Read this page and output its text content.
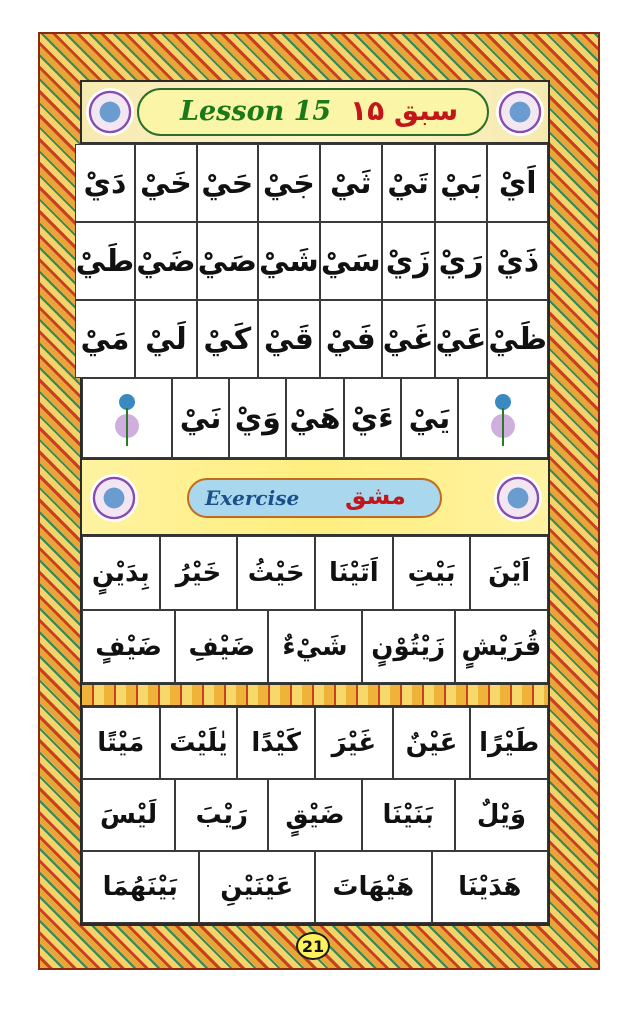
Lesson 15 سبق ۱۵
اَيْ
بَيْ
تَيْ
ثَيْ
جَيْ
حَيْ
خَيْ
دَيْ
ذَيْ
رَيْ
زَيْ
سَيْ
شَيْ
صَيْ
ضَيْ
طَيْ
ظَيْ
عَيْ
غَيْ
فَيْ
قَيْ
كَيْ
لَيْ
مَيْ
نَيْ وَيْ هَيْ ءَيْ يَيْ
Exercise مشق
اَيْنَ
بَيْتِ
اَتَيْنَا
حَيْثُ
خَيْرُ
بِدَيْنٍ
قُرَيْشٍ
زَيْتُوْنٍ
شَيْءٌ
ضَيْفِ
ضَيْفٍ
طَيْرًا
عَيْنٌ
غَيْرَ
كَيْدًا
يٰلَيْتَ
مَيْتًا
وَيْلٌ
بَنَيْنَا
ضَيْقٍ
رَيْبَ
لَيْسَ
هَدَيْنَا
هَيْهَاتَ
عَيْنَيْنِ
بَيْنَهُمَا
21
